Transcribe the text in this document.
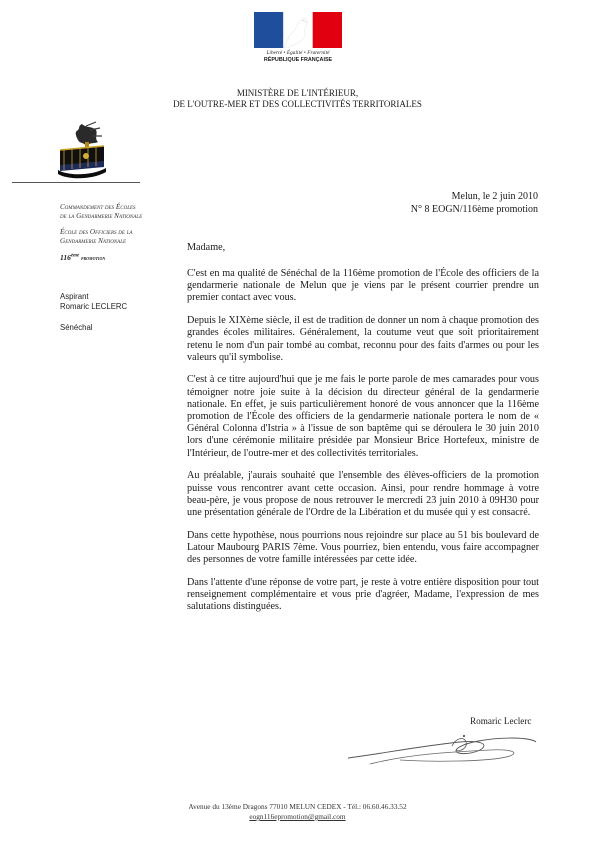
Liberté • Égalité • Fraternité
RÉPUBLIQUE FRANÇAISE
MINISTÈRE DE L'INTÉRIEUR,
DE L'OUTRE-MER ET DES COLLECTIVITÉS TERRITORIALES
Commandement des Écoles
de la Gendarmerie Nationale
École des Officiers de la
Gendarmerie Nationale
116ème promotion
Aspirant
Romaric LECLERC
Sénéchal
Melun, le 2 juin 2010
N° 8 EOGN/116ème promotion
Madame,

C'est en ma qualité de Sénéchal de la 116ème promotion de l'École des officiers de la gendarmerie nationale de Melun que je viens par le présent courrier prendre un premier contact avec vous.

Depuis le XIXème siècle, il est de tradition de donner un nom à chaque promotion des grandes écoles militaires. Généralement, la coutume veut que soit prioritairement retenu le nom d'un pair tombé au combat, reconnu pour des faits d'armes ou pour les valeurs qu'il symbolise.

C'est à ce titre aujourd'hui que je me fais le porte parole de mes camarades pour vous témoigner notre joie suite à la décision du directeur général de la gendarmerie nationale. En effet, je suis particulièrement honoré de vous annoncer que la 116ème promotion de l'École des officiers de la gendarmerie nationale portera le nom de « Général Colonna d'Istria » à l'issue de son baptême qui se déroulera le 30 juin 2010 lors d'une cérémonie militaire présidée par Monsieur Brice Hortefeux, ministre de l'Intérieur, de l'outre-mer et des collectivités territoriales.

Au préalable, j'aurais souhaité que l'ensemble des élèves-officiers de la promotion puisse vous rencontrer avant cette occasion. Ainsi, pour rendre hommage à votre beau-père, je vous propose de nous retrouver le mercredi 23 juin 2010 à 09H30 pour une présentation générale de l'Ordre de la Libération et du musée qui y est consacré.

Dans cette hypothèse, nous pourrions nous rejoindre sur place au 51 bis boulevard de Latour Maubourg PARIS 7ème. Vous pourriez, bien entendu, vous faire accompagner des personnes de votre famille intéressées par cette idée.

Dans l'attente d'une réponse de votre part, je reste à votre entière disposition pour tout renseignement complémentaire et vous prie d'agréer, Madame, l'expression de mes salutations distinguées.

Romaric Leclerc
Avenue du 13ème Dragons 77010 MELUN CEDEX - Tél.: 06.60.46.33.52
eogn116epromotion@gmail.com
